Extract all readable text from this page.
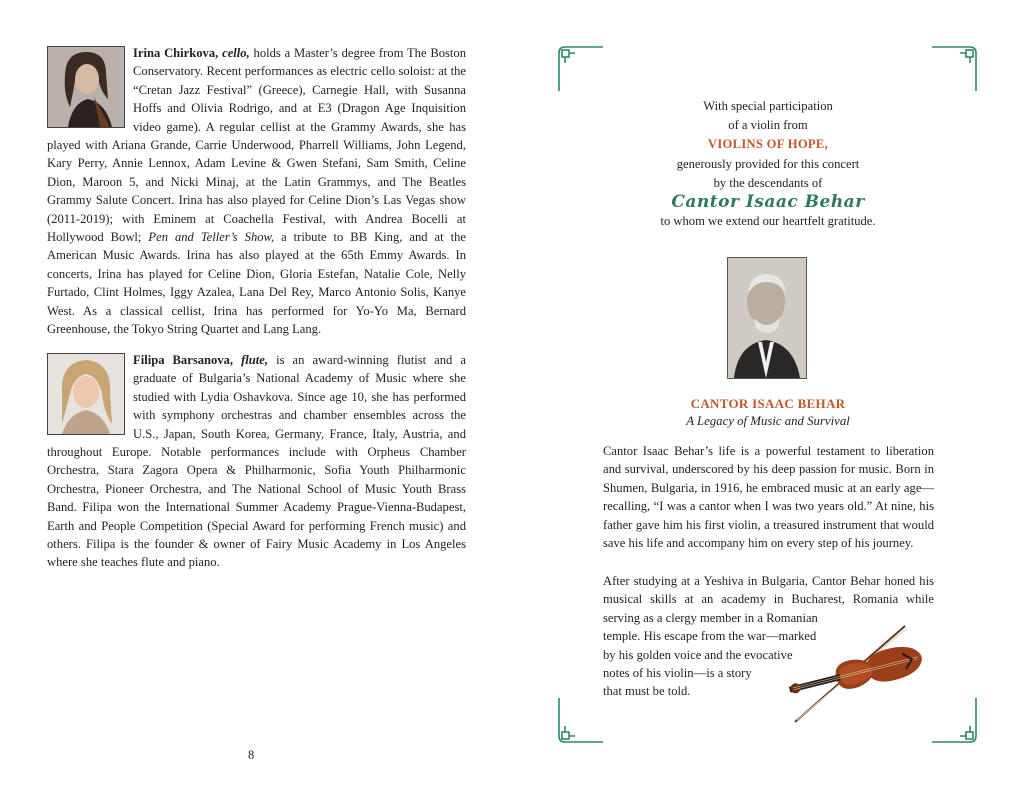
Irina Chirkova, cello, holds a Master’s degree from The Boston Conservatory. Recent performances as electric cello soloist: at the “Cretan Jazz Festival” (Greece), Carnegie Hall, with Susanna Hoffs and Olivia Rodrigo, and at E3 (Dragon Age Inquisition video game). A regular cellist at the Grammy Awards, she has played with Ariana Grande, Carrie Underwood, Pharrell Williams, John Legend, Kary Perry, Annie Lennox, Adam Levine & Gwen Stefani, Sam Smith, Celine Dion, Maroon 5, and Nicki Minaj, at the Latin Grammys, and The Beatles Grammy Salute Concert. Irina has also played for Celine Dion’s Las Vegas show (2011-2019); with Eminem at Coachella Festival, with Andrea Bocelli at Hollywood Bowl; Pen and Teller’s Show, a tribute to BB King, and at the American Music Awards. Irina has also played at the 65th Emmy Awards. In concerts, Irina has played for Celine Dion, Gloria Estefan, Natalie Cole, Nelly Furtado, Clint Holmes, Iggy Azalea, Lana Del Rey, Marco Antonio Solis, Kanye West. As a classical cellist, Irina has performed for Yo-Yo Ma, Bernard Greenhouse, the Tokyo String Quartet and Lang Lang.
Filipa Barsanova, flute, is an award-winning flutist and a graduate of Bulgaria’s National Academy of Music where she studied with Lydia Oshavkova. Since age 10, she has performed with symphony orchestras and chamber ensembles across the U.S., Japan, South Korea, Germany, France, Italy, Austria, and throughout Europe. Notable performances include with Orpheus Chamber Orchestra, Stara Zagora Opera & Philharmonic, Sofia Youth Philharmonic Orchestra, Pioneer Orchestra, and The National School of Music Youth Brass Band. Filipa won the International Summer Academy Prague-Vienna-Budapest, Earth and People Competition (Special Award for performing French music) and others. Filipa is the founder & owner of Fairy Music Academy in Los Angeles where she teaches flute and piano.
8
With special participation
of a violin from
VIOLINS OF HOPE,
generously provided for this concert
by the descendants of
Cantor Isaac Behar
to whom we extend our heartfelt gratitude.
CANTOR ISAAC BEHAR
A Legacy of Music and Survival
Cantor Isaac Behar’s life is a powerful testament to liberation and survival, underscored by his deep passion for music. Born in Shumen, Bulgaria, in 1916, he embraced music at an early age—recalling, “I was a cantor when I was two years old.” At nine, his father gave him his first violin, a treasured instrument that would save his life and accompany him on every step of his journey.
After studying at a Yeshiva in Bulgaria, Cantor Behar honed his musical skills at an academy in Bucharest, Romania while serving as a clergy member in a Romanian
temple. His escape from the war—marked
by his golden voice and the evocative
notes of his violin—is a story
that must be told.
